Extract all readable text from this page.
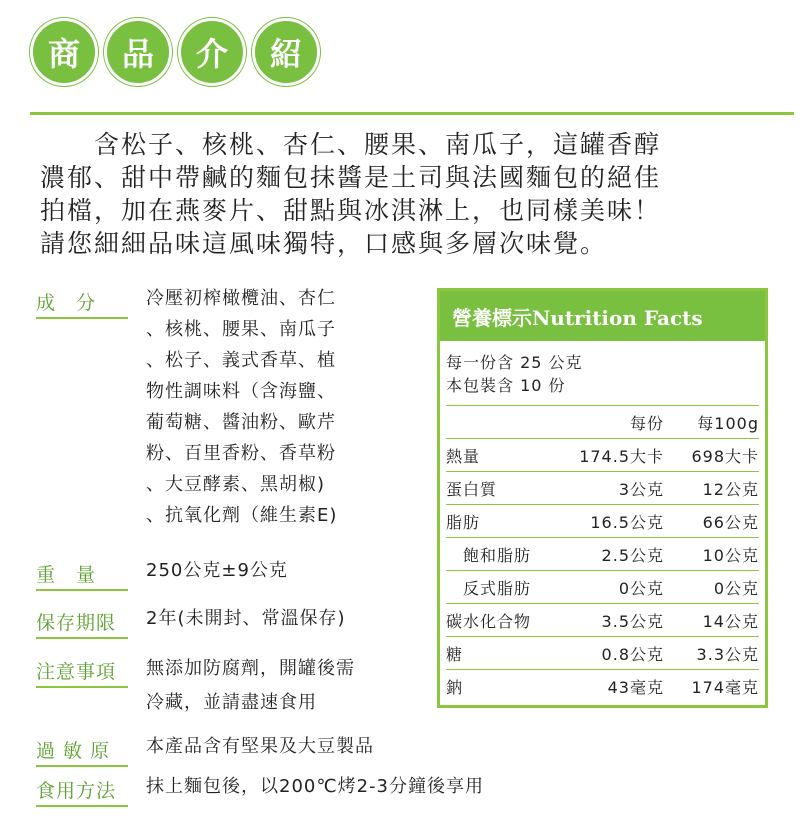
商	品	介	紹

　　含松子、核桃、杏仁、腰果、南瓜子，這罐香醇

濃郁、甜中帶鹹的麵包抹醬是土司與法國麵包的絕佳

拍檔，加在燕麥片、甜點與冰淇淋上，也同樣美味！

請您細細品味這風味獨特，口感與多層次味覺。

成　分	冷壓初榨橄欖油、杏仁
、核桃、腰果、南瓜子
、松子、義式香草、植
物性調味料（含海鹽、
葡萄糖、醬油粉、歐芹
粉、百里香粉、香草粉
、大豆酵素、黑胡椒)
、抗氧化劑（維生素E)
重　量	250公克±9公克
保存期限	2年(未開封、常溫保存)
注意事項	無添加防腐劑，開罐後需
冷藏，並請盡速食用
過 敏 原	本產品含有堅果及大豆製品
食用方法	抹上麵包後，以200℃烤2-3分鐘後享用
營養標示Nutrition Facts
每一份含 25 公克
本包裝含 10 份
每份	每100g
熱量	174.5大卡	698大卡
蛋白質	3公克	12公克
脂肪	16.5公克	66公克
　飽和脂肪	2.5公克	10公克
　反式脂肪	0公克	0公克
碳水化合物	3.5公克	14公克
糖	0.8公克	3.3公克
鈉	43毫克	174毫克
